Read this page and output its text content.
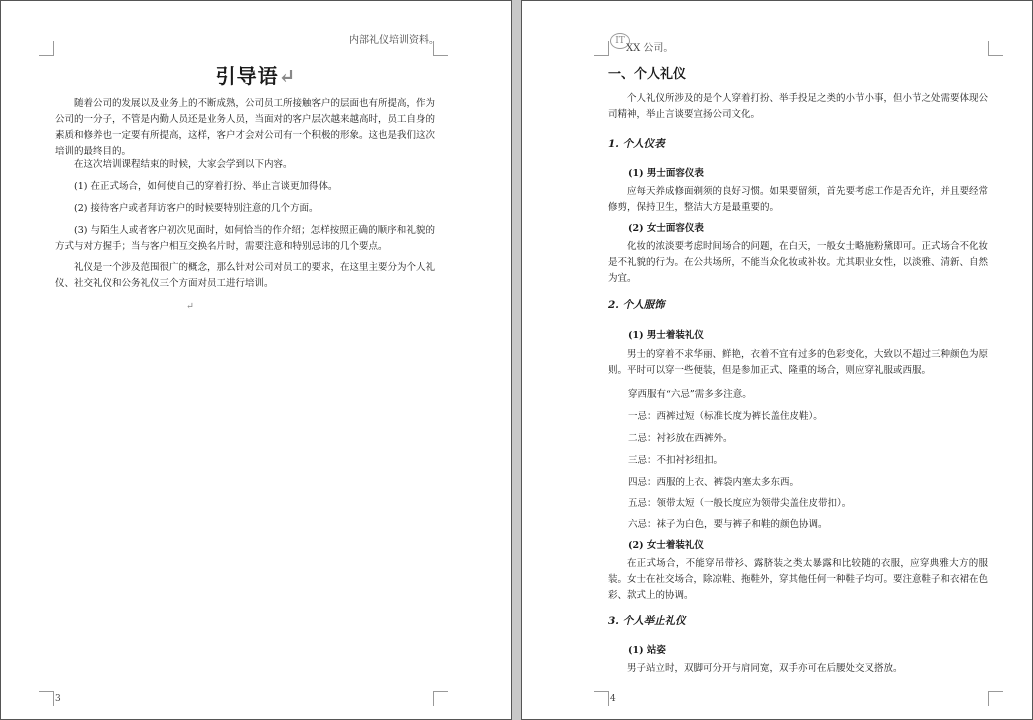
内部礼仪培训资料。
引导语↵

随着公司的发展以及业务上的不断成熟，公司员工所接触客户的层面也有所提高，作为公司的一分子，不管是内勤人员还是业务人员，当面对的客户层次越来越高时，员工自身的素质和修养也一定要有所提高，这样，客户才会对公司有一个积极的形象。这也是我们这次培训的最终目的。

在这次培训课程结束的时候，大家会学到以下内容。

(1) 在正式场合，如何使自己的穿着打扮、举止言谈更加得体。

(2) 接待客户或者拜访客户的时候要特别注意的几个方面。

(3) 与陌生人或者客户初次见面时，如何恰当的作介绍；怎样按照正确的顺序和礼貌的方式与对方握手；当与客户相互交换名片时，需要注意和特别忌讳的几个要点。

礼仪是一个涉及范围很广的概念，那么针对公司对员工的要求，在这里主要分为个人礼仪、社交礼仪和公务礼仪三个方面对员工进行培训。

↵
3
IT
XX 公司。
一、个人礼仪

个人礼仪所涉及的是个人穿着打扮、举手投足之类的小节小事，但小节之处需要体现公司精神，举止言谈要宣扬公司文化。

1. 个人仪表
(1) 男士面容仪表

应每天养成修面剃须的良好习惯。如果要留须，首先要考虑工作是否允许，并且要经常修剪，保持卫生，整洁大方是最重要的。

(2) 女士面容仪表

化妆的浓淡要考虑时间场合的问题，在白天，一般女士略施粉黛即可。正式场合不化妆是不礼貌的行为。在公共场所，不能当众化妆或补妆。尤其职业女性，以淡雅、清新、自然为宜。

2. 个人服饰
(1) 男士着装礼仪

男士的穿着不求华丽、鲜艳，衣着不宜有过多的色彩变化，大致以不超过三种颜色为原则。平时可以穿一些便装，但是参加正式、隆重的场合，则应穿礼服或西服。

穿西服有“六忌”需多多注意。
一忌：西裤过短（标准长度为裤长盖住皮鞋）。
二忌：衬衫放在西裤外。
三忌：不扣衬衫纽扣。
四忌：西服的上衣、裤袋内塞太多东西。
五忌：领带太短（一般长度应为领带尖盖住皮带扣）。
六忌：袜子为白色，要与裤子和鞋的颜色协调。
(2) 女士着装礼仪

在正式场合，不能穿吊带衫、露脐装之类太暴露和比较随的衣服，应穿典雅大方的服装。女士在社交场合，除凉鞋、拖鞋外，穿其他任何一种鞋子均可。要注意鞋子和衣裙在色彩、款式上的协调。

3. 个人举止礼仪
(1) 站姿

男子站立时，双脚可分开与肩同宽，双手亦可在后腰处交叉搭放。

4
